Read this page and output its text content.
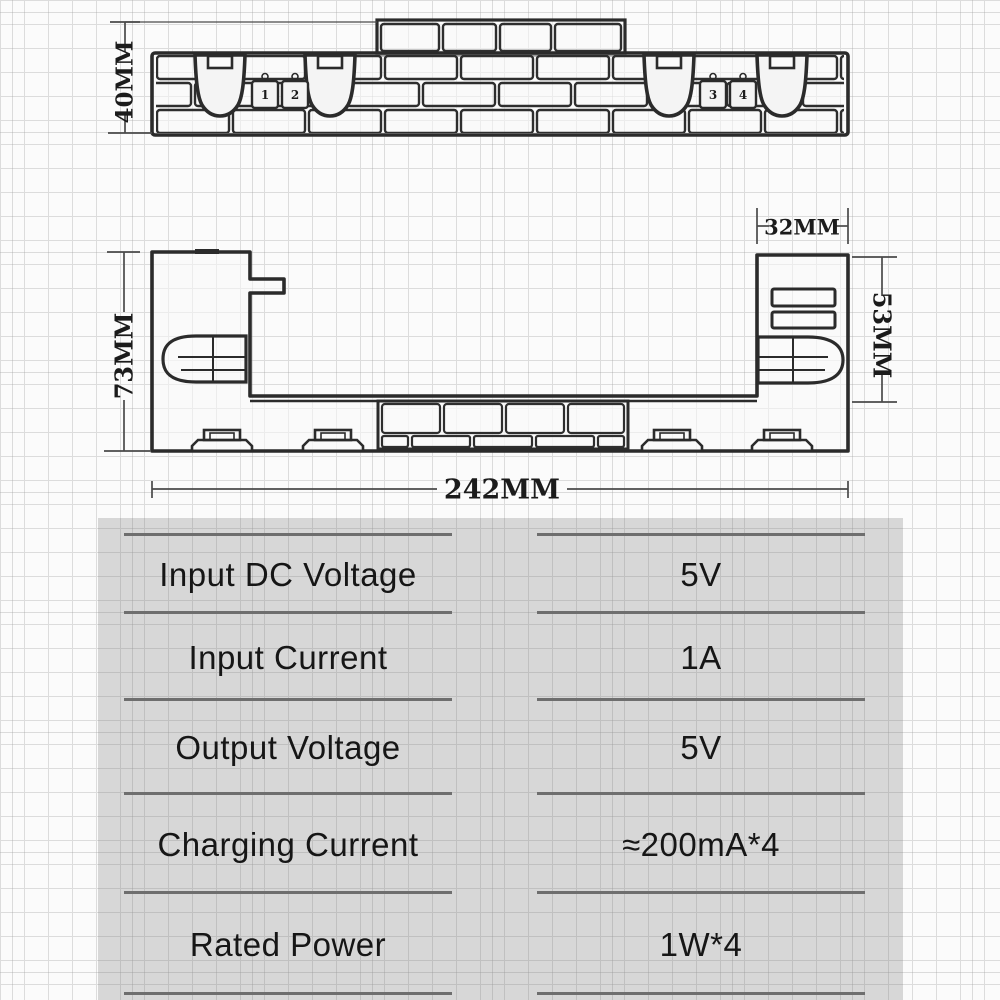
1 2	3 4
40MM
73MM
32MM
53MM
242MM
Input DC Voltage	5V
Input Current	1A
Output Voltage	5V
Charging Current	≈200mA*4
Rated Power	1W*4
